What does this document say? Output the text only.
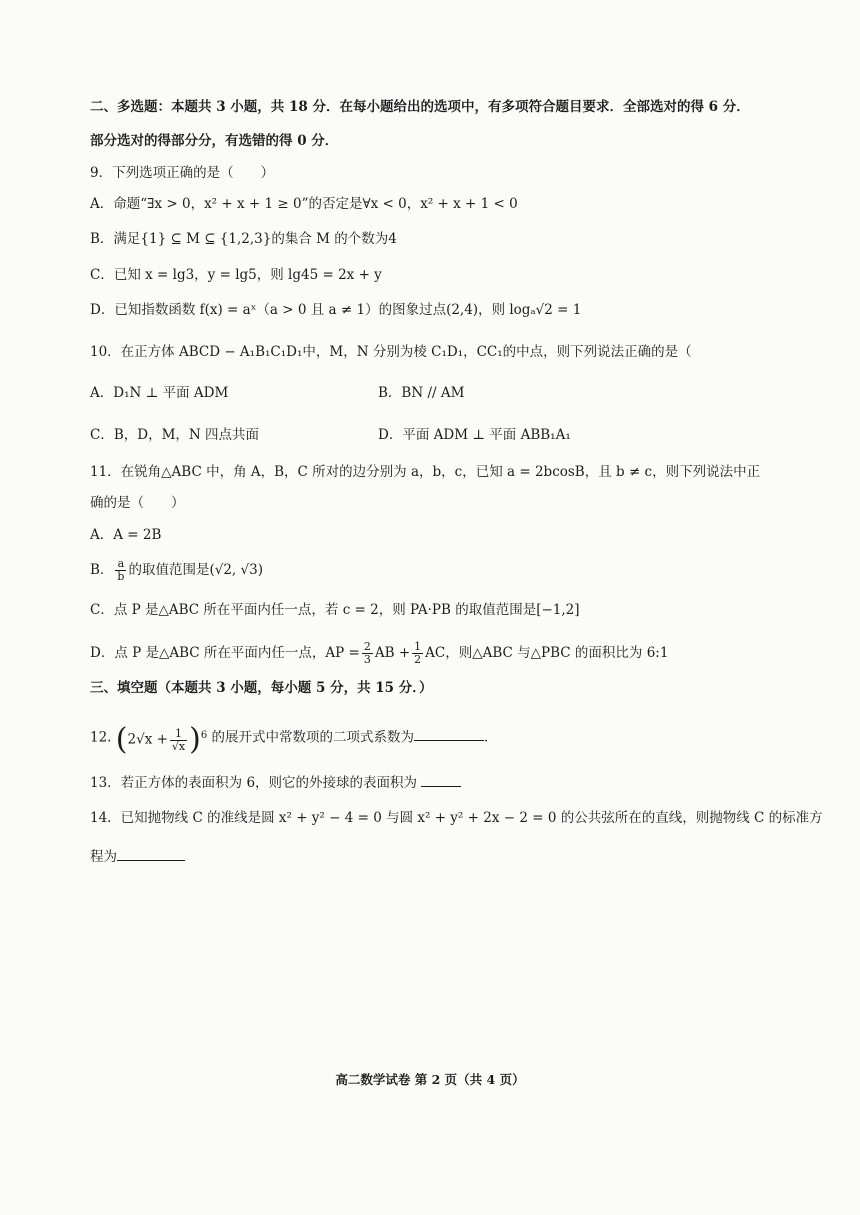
二、多选题：本题共 3 小题，共 18 分．在每小题给出的选项中，有多项符合题目要求．全部选对的得 6 分．
部分选对的得部分分，有选错的得 0 分．
9．下列选项正确的是（　　）
A．命题“∃x > 0，x² + x + 1 ≥ 0”的否定是∀x < 0，x² + x + 1 < 0
B．满足{1} ⊆ M ⊆ {1,2,3}的集合 M 的个数为4
C．已知 x = lg3，y = lg5，则 lg45 = 2x + y
D．已知指数函数 f(x) = aˣ（a > 0 且 a ≠ 1）的图象过点(2,4)，则 logₐ√2 = 1
10．在正方体 ABCD − A₁B₁C₁D₁中，M，N 分别为棱 C₁D₁，CC₁的中点，则下列说法正确的是（
A．D₁N ⊥ 平面 ADM	B．BN // AM
C．B，D，M，N 四点共面	D．平面 ADM ⊥ 平面 ABB₁A₁
11．在锐角△ABC 中，角 A，B，C 所对的边分别为 a，b，c，已知 a = 2bcosB，且 b ≠ c，则下列说法中正
确的是（　　）
A．A = 2B
B． $\frac{a}{b}$ 的取值范围是(√2, √3)
C．点 P 是△ABC 所在平面内任一点，若 c = 2，则 PA·PB 的取值范围是[−1,2]
D．点 P 是△ABC 所在平面内任一点，AP = $\frac{2}{3}$ AB + $\frac{1}{2}$ AC，则△ABC 与△PBC 的面积比为 6:1
三、填空题（本题共 3 小题，每小题 5 分，共 15 分．）
12. $(2√x + \frac{1}{√x} )^6$ 的展开式中常数项的二项式系数为	.
13．若正方体的表面积为 6，则它的外接球的表面积为
14．已知抛物线 C 的准线是圆 x² + y² − 4 = 0 与圆 x² + y² + 2x − 2 = 0 的公共弦所在的直线，则抛物线 C 的标准方
程为
高二数学试卷 第 2 页（共 4 页）
